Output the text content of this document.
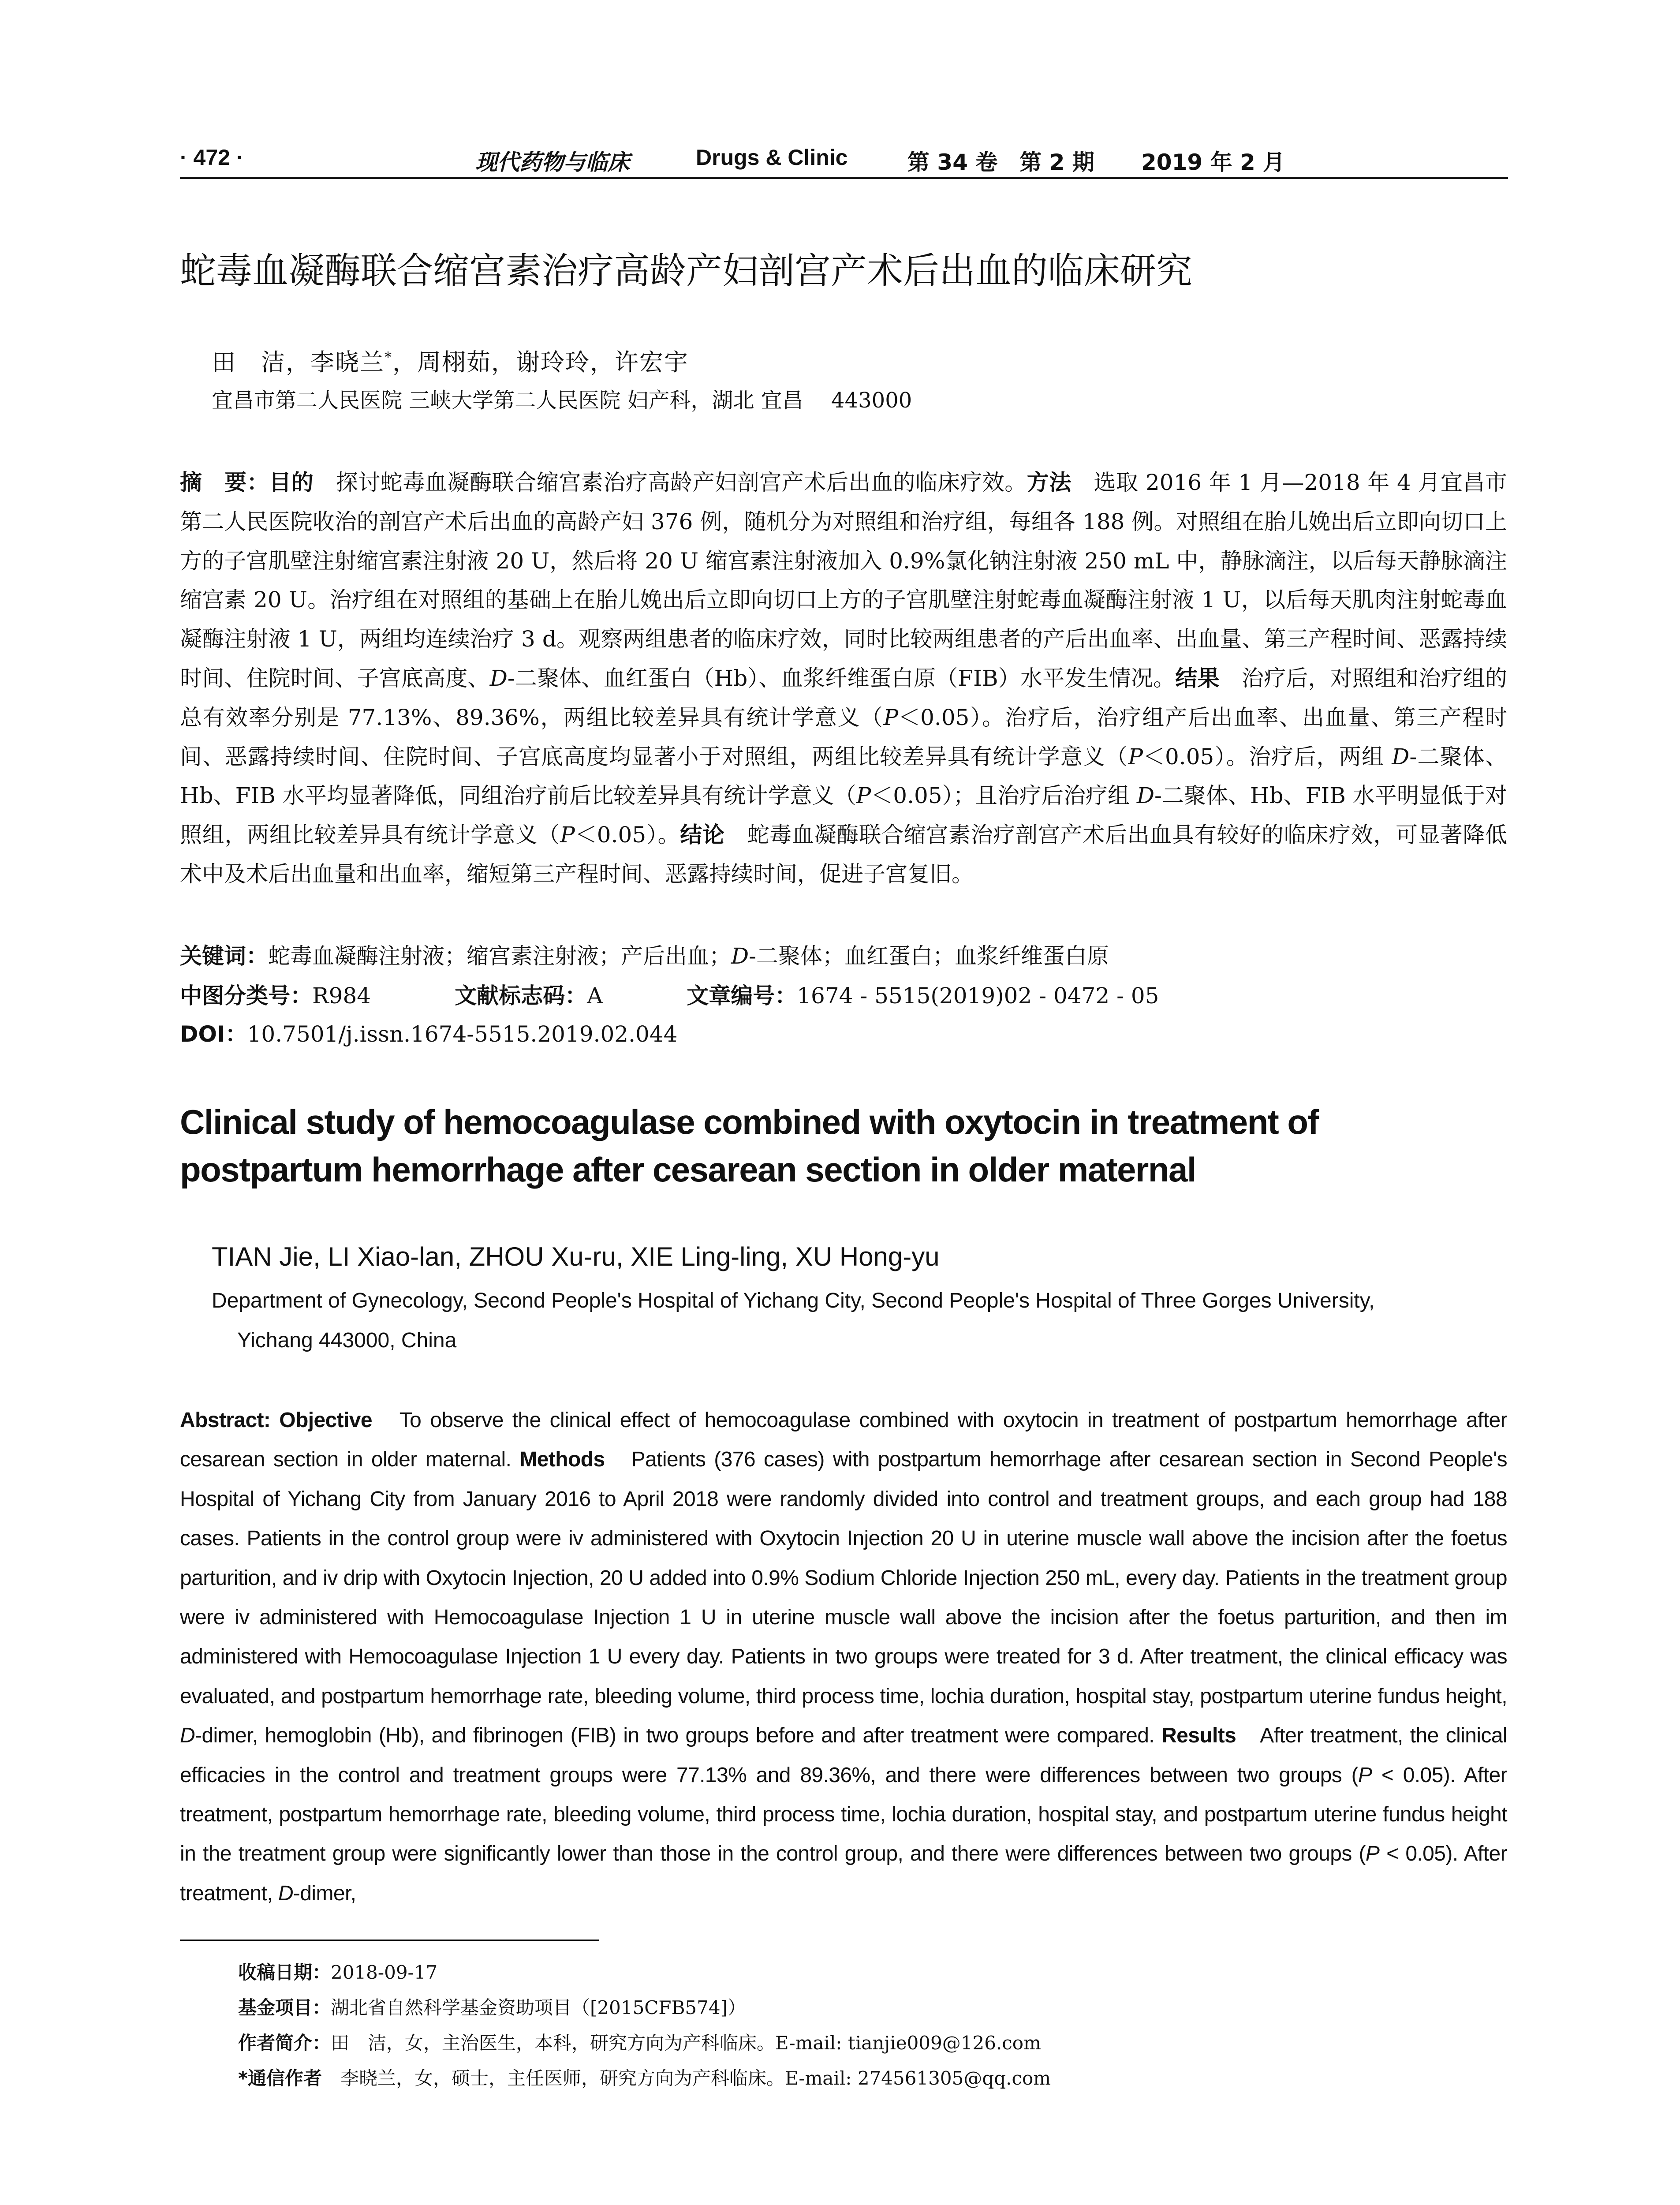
· 472 ·	现代药物与临床	Drugs & Clinic	第 34 卷　第 2 期 2019 年 2 月
蛇毒血凝酶联合缩宫素治疗高龄产妇剖宫产术后出血的临床研究
田　洁，李晓兰*，周栩茹，谢玲玲，许宏宇
宜昌市第二人民医院 三峡大学第二人民医院 妇产科，湖北 宜昌　 443000
摘　要：目的　探讨蛇毒血凝酶联合缩宫素治疗高龄产妇剖宫产术后出血的临床疗效。方法　选取 2016 年 1 月—2018 年 4 月宜昌市第二人民医院收治的剖宫产术后出血的高龄产妇 376 例，随机分为对照组和治疗组，每组各 188 例。对照组在胎儿娩出后立即向切口上方的子宫肌壁注射缩宫素注射液 20 U，然后将 20 U 缩宫素注射液加入 0.9%氯化钠注射液 250 mL 中，静脉滴注，以后每天静脉滴注缩宫素 20 U。治疗组在对照组的基础上在胎儿娩出后立即向切口上方的子宫肌壁注射蛇毒血凝酶注射液 1 U，以后每天肌肉注射蛇毒血凝酶注射液 1 U，两组均连续治疗 3 d。观察两组患者的临床疗效，同时比较两组患者的产后出血率、出血量、第三产程时间、恶露持续时间、住院时间、子宫底高度、D-二聚体、血红蛋白（Hb）、血浆纤维蛋白原（FIB）水平发生情况。结果　治疗后，对照组和治疗组的总有效率分别是 77.13%、89.36%，两组比较差异具有统计学意义（P＜0.05）。治疗后，治疗组产后出血率、出血量、第三产程时间、恶露持续时间、住院时间、子宫底高度均显著小于对照组，两组比较差异具有统计学意义（P＜0.05）。治疗后，两组 D-二聚体、Hb、FIB 水平均显著降低，同组治疗前后比较差异具有统计学意义（P＜0.05）；且治疗后治疗组 D-二聚体、Hb、FIB 水平明显低于对照组，两组比较差异具有统计学意义（P＜0.05）。结论　蛇毒血凝酶联合缩宫素治疗剖宫产术后出血具有较好的临床疗效，可显著降低术中及术后出血量和出血率，缩短第三产程时间、恶露持续时间，促进子宫复旧。
关键词：蛇毒血凝酶注射液；缩宫素注射液；产后出血；D-二聚体；血红蛋白；血浆纤维蛋白原
中图分类号：R984	文献标志码：A	文章编号：1674 - 5515(2019)02 - 0472 - 05
DOI：10.7501/j.issn.1674-5515.2019.02.044
Clinical study of hemocoagulase combined with oxytocin in treatment of postpartum hemorrhage after cesarean section in older maternal
TIAN Jie, LI Xiao-lan, ZHOU Xu-ru, XIE Ling-ling, XU Hong-yu
Department of Gynecology, Second People's Hospital of Yichang City, Second People's Hospital of Three Gorges University,
Yichang 443000, China
Abstract: Objective　To observe the clinical effect of hemocoagulase combined with oxytocin in treatment of postpartum hemorrhage after cesarean section in older maternal. Methods　Patients (376 cases) with postpartum hemorrhage after cesarean section in Second People's Hospital of Yichang City from January 2016 to April 2018 were randomly divided into control and treatment groups, and each group had 188 cases. Patients in the control group were iv administered with Oxytocin Injection 20 U in uterine muscle wall above the incision after the foetus parturition, and iv drip with Oxytocin Injection, 20 U added into 0.9% Sodium Chloride Injection 250 mL, every day. Patients in the treatment group were iv administered with Hemocoagulase Injection 1 U in uterine muscle wall above the incision after the foetus parturition, and then im administered with Hemocoagulase Injection 1 U every day. Patients in two groups were treated for 3 d. After treatment, the clinical efficacy was evaluated, and postpartum hemorrhage rate, bleeding volume, third process time, lochia duration, hospital stay, postpartum uterine fundus height, D-dimer, hemoglobin (Hb), and fibrinogen (FIB) in two groups before and after treatment were compared. Results　After treatment, the clinical efficacies in the control and treatment groups were 77.13% and 89.36%, and there were differences between two groups (P < 0.05). After treatment, postpartum hemorrhage rate, bleeding volume, third process time, lochia duration, hospital stay, and postpartum uterine fundus height in the treatment group were significantly lower than those in the control group, and there were differences between two groups (P < 0.05). After treatment, D-dimer,
收稿日期：2018-09-17
基金项目：湖北省自然科学基金资助项目（[2015CFB574]）
作者简介：田　洁，女，主治医生，本科，研究方向为产科临床。E-mail: tianjie009@126.com
*通信作者　李晓兰，女，硕士，主任医师，研究方向为产科临床。E-mail: 274561305@qq.com
